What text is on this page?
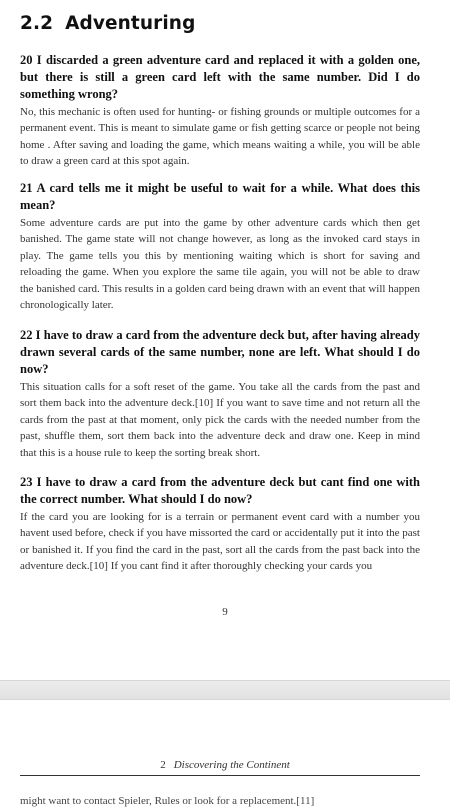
2.2 Adventuring

20 I discarded a green adventure card and replaced it with a golden one, but there is still a green card left with the same number. Did I do something wrong?

No, this mechanic is often used for hunting- or fishing grounds or multiple outcomes for a permanent event. This is meant to simulate game or fish getting scarce or people not being home . After saving and loading the game, which means waiting a while, you will be able to draw a green card at this spot again.

21 A card tells me it might be useful to wait for a while. What does this mean?

Some adventure cards are put into the game by other adventure cards which then get banished. The game state will not change however, as long as the invoked card stays in play. The game tells you this by mentioning waiting which is short for saving and reloading the game. When you explore the same tile again, you will not be able to draw the banished card. This results in a golden card being drawn with an event that will happen chronologically later.

22 I have to draw a card from the adventure deck but, after having already drawn several cards of the same number, none are left. What should I do now?

This situation calls for a soft reset of the game. You take all the cards from the past and sort them back into the adventure deck.[10] If you want to save time and not return all the cards from the past at that moment, only pick the cards with the needed number from the past, shuffle them, sort them back into the adventure deck and draw one. Keep in mind that this is a house rule to keep the sorting break short.

23 I have to draw a card from the adventure deck but cant find one with the correct number. What should I do now?

If the card you are looking for is a terrain or permanent event card with a number you havent used before, check if you have missorted the card or accidentally put it into the past or banished it. If you find the card in the past, sort all the cards from the past back into the adventure deck.[10] If you cant find it after thoroughly checking your cards you

9
2 Discovering the Continent
might want to contact Spieler, Rules or look for a replacement.[11]
